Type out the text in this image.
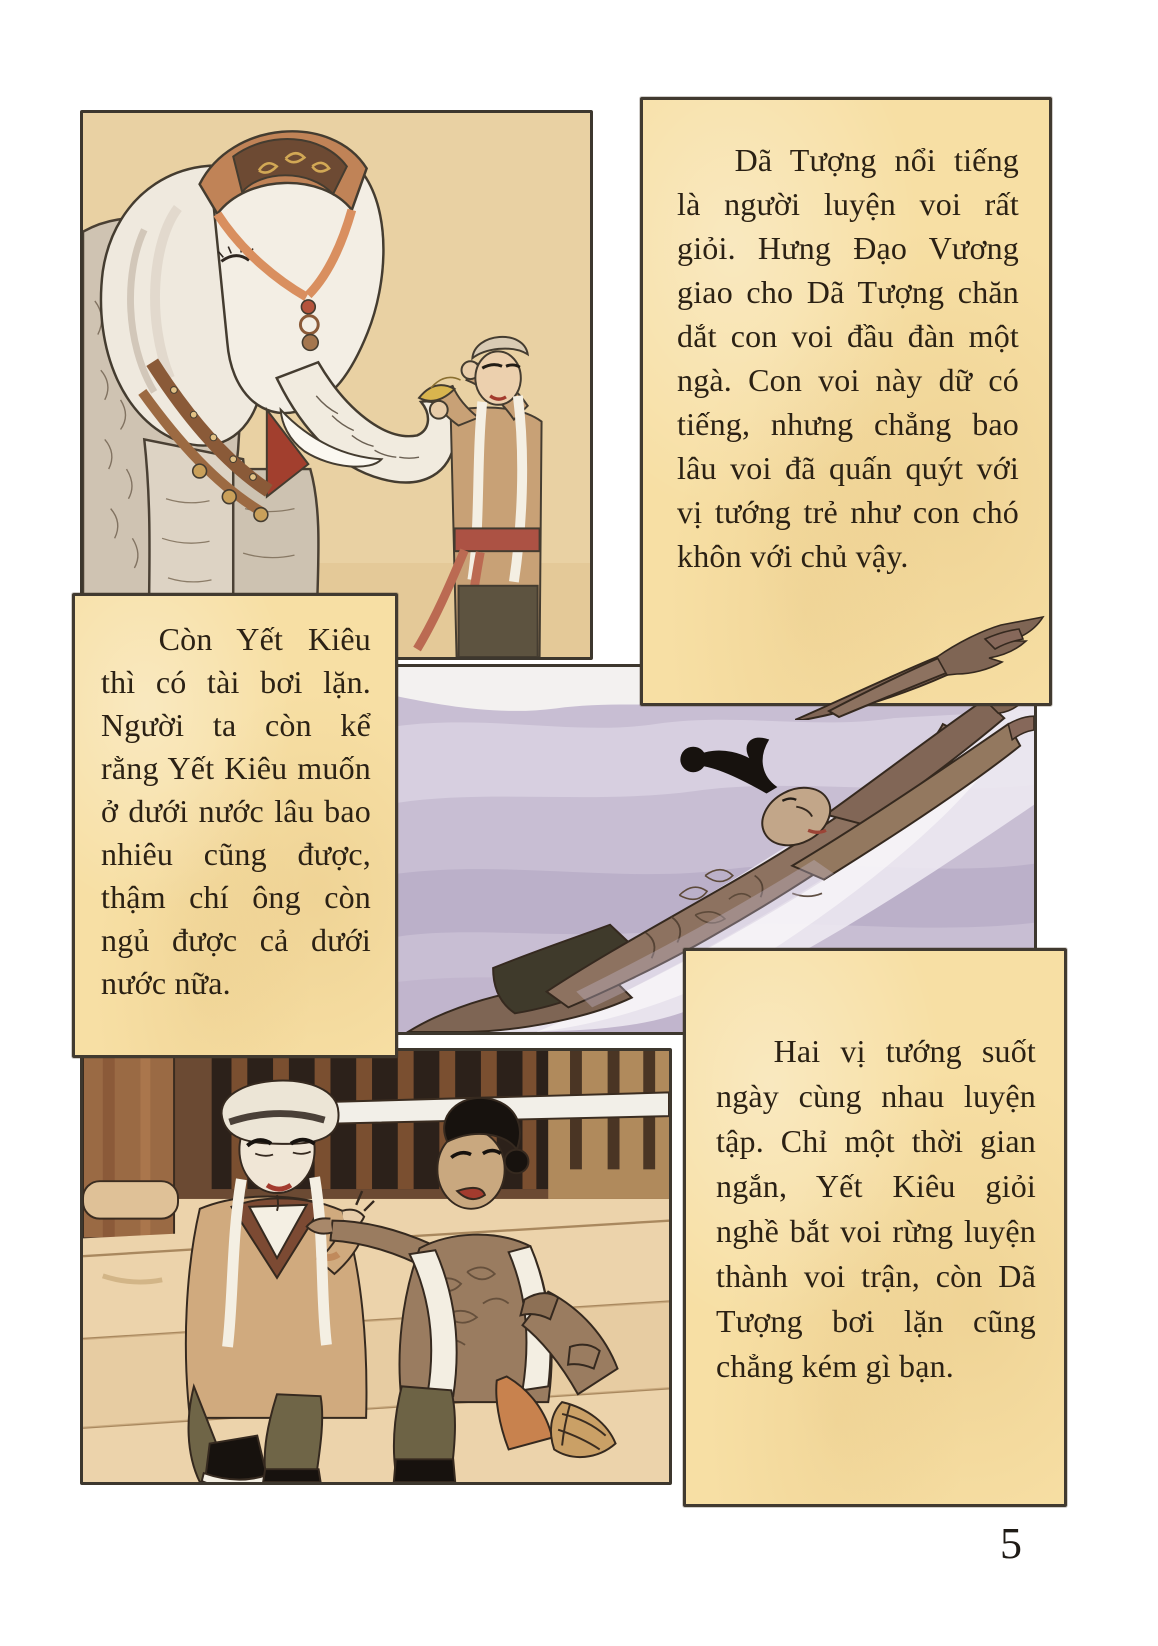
Dã Tượng nổi tiếng là người luyện voi rất giỏi. Hưng Đạo Vương giao cho Dã Tượng chăn dắt con voi đầu đàn một ngà. Con voi này dữ có tiếng, nhưng chẳng bao lâu voi đã quấn quýt với vị tướng trẻ như con chó khôn với chủ vậy.

Còn Yết Kiêu thì có tài bơi lặn. Người ta còn kể rằng Yết Kiêu muốn ở dưới nước lâu bao nhiêu cũng được, thậm chí ông còn ngủ được cả dưới nước nữa.

Hai vị tướng suốt ngày cùng nhau luyện tập. Chỉ một thời gian ngắn, Yết Kiêu giỏi nghề bắt voi rừng luyện thành voi trận, còn Dã Tượng bơi lặn cũng chẳng kém gì bạn.

5
